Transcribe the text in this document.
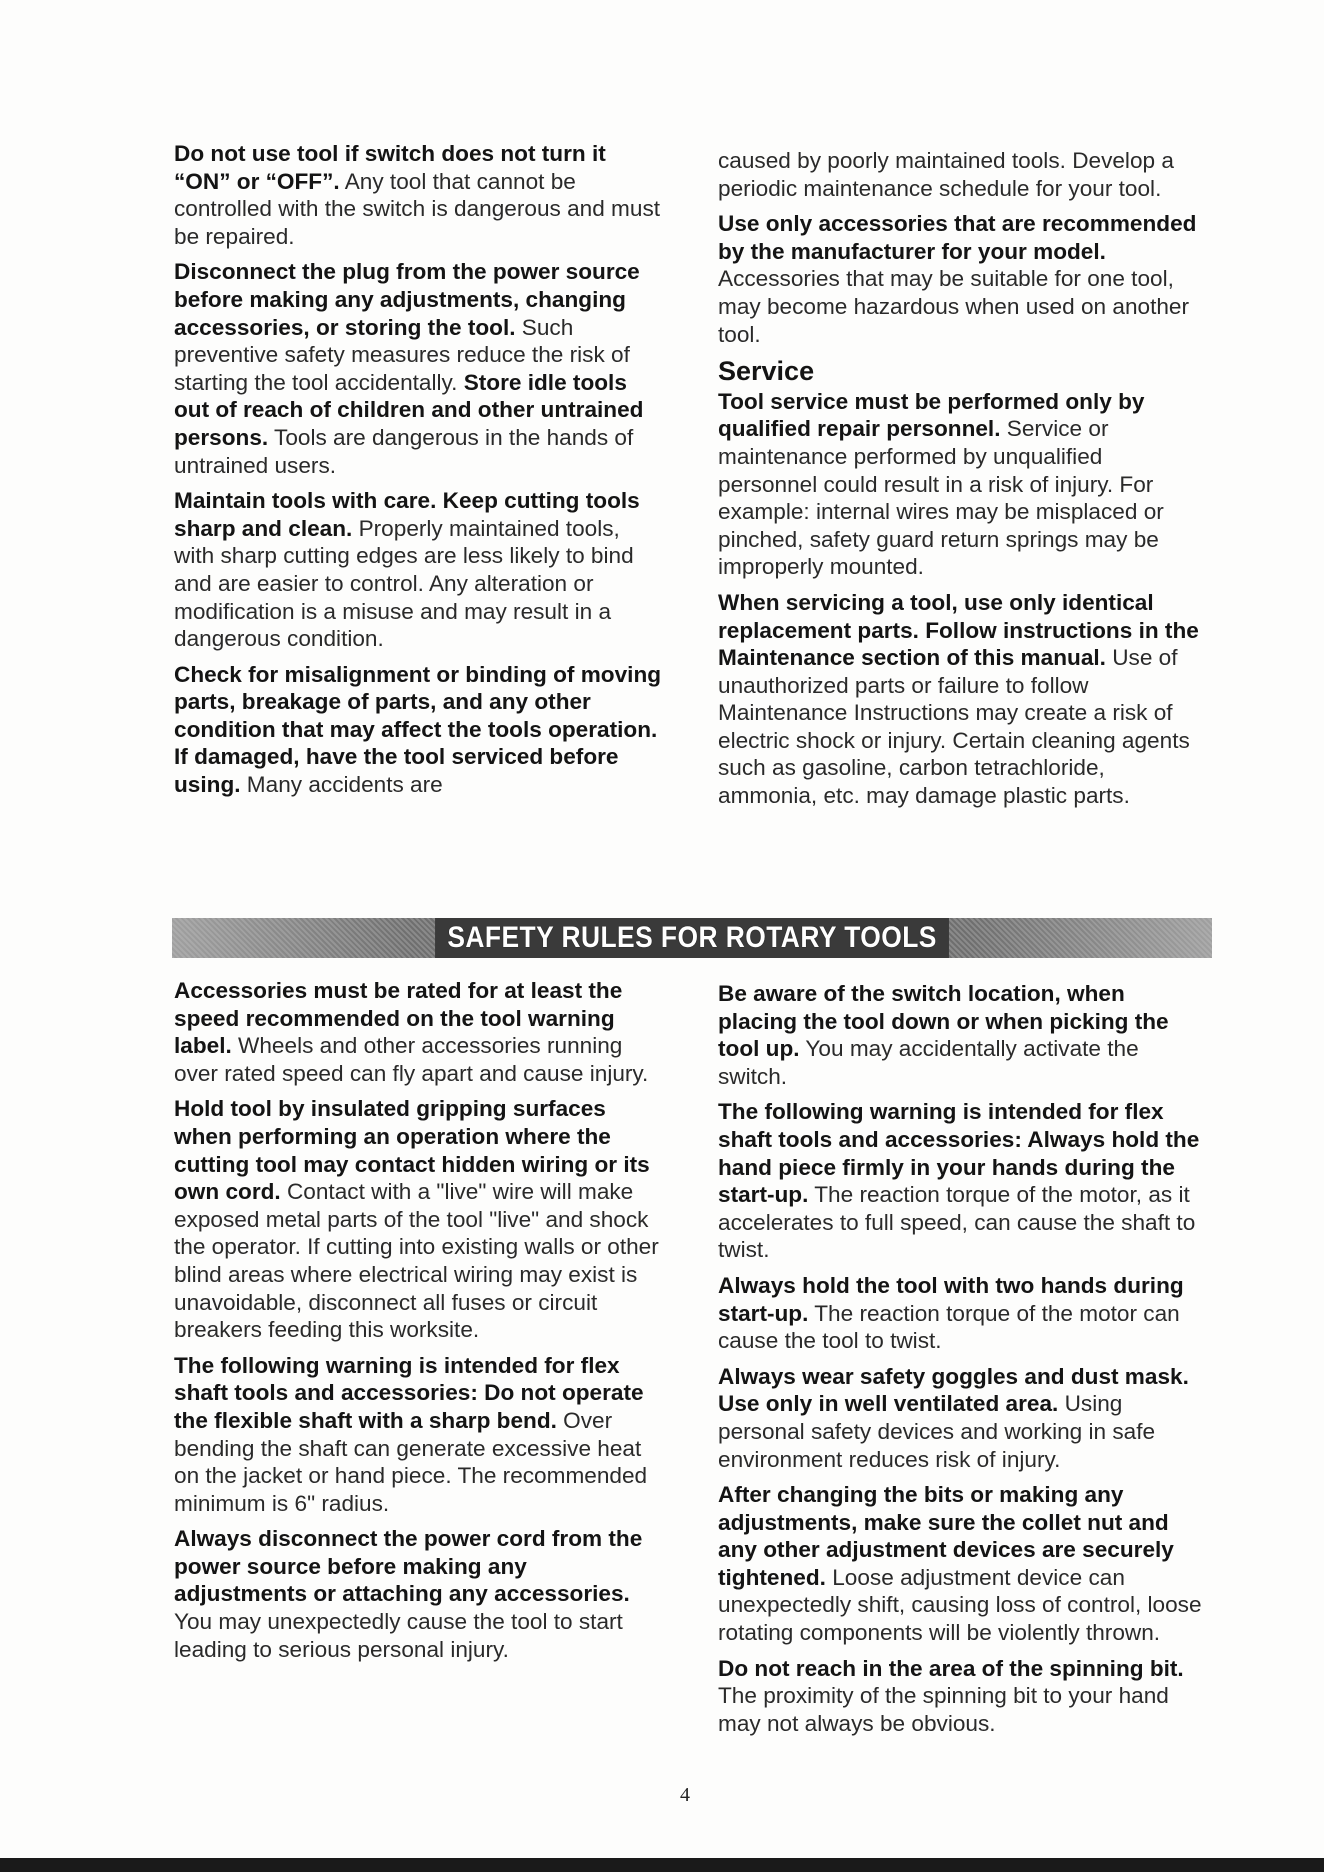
Do not use tool if switch does not turn it “ON” or “OFF”. Any tool that cannot be controlled with the switch is dangerous and must be repaired.

Disconnect the plug from the power source before making any adjustments, changing accessories, or storing the tool. Such preventive safety measures reduce the risk of starting the tool accidentally. Store idle tools out of reach of children and other untrained persons. Tools are dangerous in the hands of untrained users.

Maintain tools with care. Keep cutting tools sharp and clean. Properly maintained tools, with sharp cutting edges are less likely to bind and are easier to control. Any alteration or modification is a misuse and may result in a dangerous condition.

Check for misalignment or binding of moving parts, breakage of parts, and any other condition that may affect the tools operation. If damaged, have the tool serviced before using. Many accidents are

caused by poorly maintained tools. Develop a periodic maintenance schedule for your tool.

Use only accessories that are recommended by the manufacturer for your model. Accessories that may be suitable for one tool, may become hazardous when used on another tool.

Service

Tool service must be performed only by qualified repair personnel. Service or maintenance performed by unqualified personnel could result in a risk of injury. For example: internal wires may be misplaced or pinched, safety guard return springs may be improperly mounted.

When servicing a tool, use only identical replacement parts. Follow instructions in the Maintenance section of this manual. Use of unauthorized parts or failure to follow Maintenance Instructions may create a risk of electric shock or injury. Certain cleaning agents such as gasoline, carbon tetrachloride, ammonia, etc. may damage plastic parts.

SAFETY RULES FOR ROTARY TOOLS

Accessories must be rated for at least the speed recommended on the tool warning label. Wheels and other accessories running over rated speed can fly apart and cause injury.

Hold tool by insulated gripping surfaces when performing an operation where the cutting tool may contact hidden wiring or its own cord. Contact with a "live" wire will make exposed metal parts of the tool "live" and shock the operator. If cutting into existing walls or other blind areas where electrical wiring may exist is unavoidable, disconnect all fuses or circuit breakers feeding this worksite.

The following warning is intended for flex shaft tools and accessories: Do not operate the flexible shaft with a sharp bend. Over bending the shaft can generate excessive heat on the jacket or hand piece. The recommended minimum is 6" radius.

Always disconnect the power cord from the power source before making any adjustments or attaching any accessories. You may unexpectedly cause the tool to start leading to serious personal injury.

Be aware of the switch location, when placing the tool down or when picking the tool up. You may accidentally activate the switch.

The following warning is intended for flex shaft tools and accessories: Always hold the hand piece firmly in your hands during the start-up. The reaction torque of the motor, as it accelerates to full speed, can cause the shaft to twist.

Always hold the tool with two hands during start-up. The reaction torque of the motor can cause the tool to twist.

Always wear safety goggles and dust mask. Use only in well ventilated area. Using personal safety devices and working in safe environment reduces risk of injury.

After changing the bits or making any adjustments, make sure the collet nut and any other adjustment devices are securely tightened. Loose adjustment device can unexpectedly shift, causing loss of control, loose rotating components will be violently thrown.

Do not reach in the area of the spinning bit. The proximity of the spinning bit to your hand may not always be obvious.

4
